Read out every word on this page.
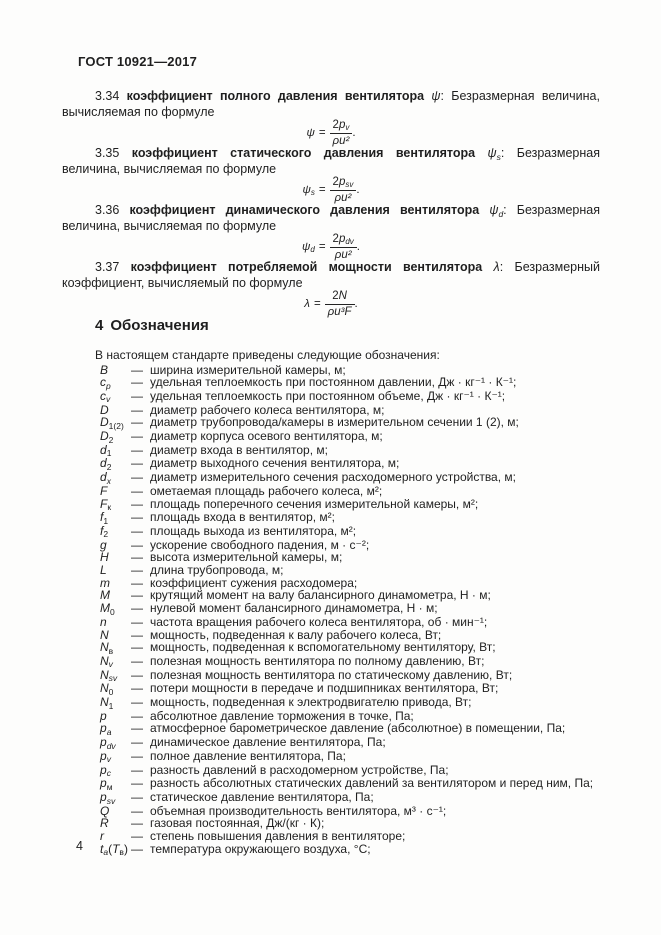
ГОСТ 10921—2017

3.34 коэффициент полного давления вентилятора ψ: Безразмерная величина, вычисляемая по формуле

$\psi = \frac{2pv}{\text{ρu²}}$ .

3.35 коэффициент статического давления вентилятора $\psi_s$: Безразмерная величина, вычисляемая по формуле

ψ $s = \frac{\text{2psv}}{\text{ρu²}}$ .

3.36 коэффициент динамического давления вентилятора $\psi_d$: Безразмерная величина, вычисляемая по формуле

ψ $d = \frac{\text{2pdv}}{\text{ρu²}}$ .

3.37 коэффициент потребляемой мощности вентилятора λ: Безразмерный коэффициент, вычисляемый по формуле

$\lambda = \frac{2N}{\text{ρu³F}}$ .
4 Обозначения

В настоящем стандарте приведены следующие обозначения:

B	— ширина измерительной камеры, м;
$c_p$	— удельная теплоемкость при постоянном давлении, Дж · кг⁻¹ · К⁻¹;
$c_v$	— удельная теплоемкость при постоянном объеме, Дж · кг⁻¹ · К⁻¹;
D	— диаметр рабочего колеса вентилятора, м;
$D_{1(2)}$ — диаметр трубопровода/камеры в измерительном сечении 1 (2), м;
$D_2$	— диаметр корпуса осевого вентилятора, м;
$d_1$	— диаметр входа в вентилятор, м;
$d_2$	— диаметр выходного сечения вентилятора, м;
$d_x$	— диаметр измерительного сечения расходомерного устройства, м;
F	— ометаемая площадь рабочего колеса, м²;
$F_к$	— площадь поперечного сечения измерительной камеры, м²;
$f_1$	— площадь входа в вентилятор, м²;
$f_2$	— площадь выхода из вентилятора, м²;
g	— ускорение свободного падения, м · с⁻²;
H	— высота измерительной камеры, м;
L	— длина трубопровода, м;
m	— коэффициент сужения расходомера;
M	— крутящий момент на валу балансирного динамометра, Н · м;
$M_0$	— нулевой момент балансирного динамометра, Н · м;
n	— частота вращения рабочего колеса вентилятора, об · мин⁻¹;
N	— мощность, подведенная к валу рабочего колеса, Вт;
$N_в$	— мощность, подведенная к вспомогательному вентилятору, Вт;
$N_v$	— полезная мощность вентилятора по полному давлению, Вт;
$N_{sv}$	— полезная мощность вентилятора по статическому давлению, Вт;
$N_0$	— потери мощности в передаче и подшипниках вентилятора, Вт;
$N_1$	— мощность, подведенная к электродвигателю привода, Вт;
p	— абсолютное давление торможения в точке, Па;
$p_a$	— атмосферное барометрическое давление (абсолютное) в помещении, Па;
$p_{dv}$	— динамическое давление вентилятора, Па;
$p_v$	— полное давление вентилятора, Па;
$p_c$	— разность давлений в расходомерном устройстве, Па;
$p_м$	— разность абсолютных статических давлений за вентилятором и перед ним, Па;
$p_{sv}$	— статическое давление вентилятора, Па;
Q	— объемная производительность вентилятора, м³ · с⁻¹;
R	— газовая постоянная, Дж/(кг · К);
r	— степень повышения давления в вентиляторе;
$t_a(T_в)$ — температура окружающего воздуха, °С;
4
